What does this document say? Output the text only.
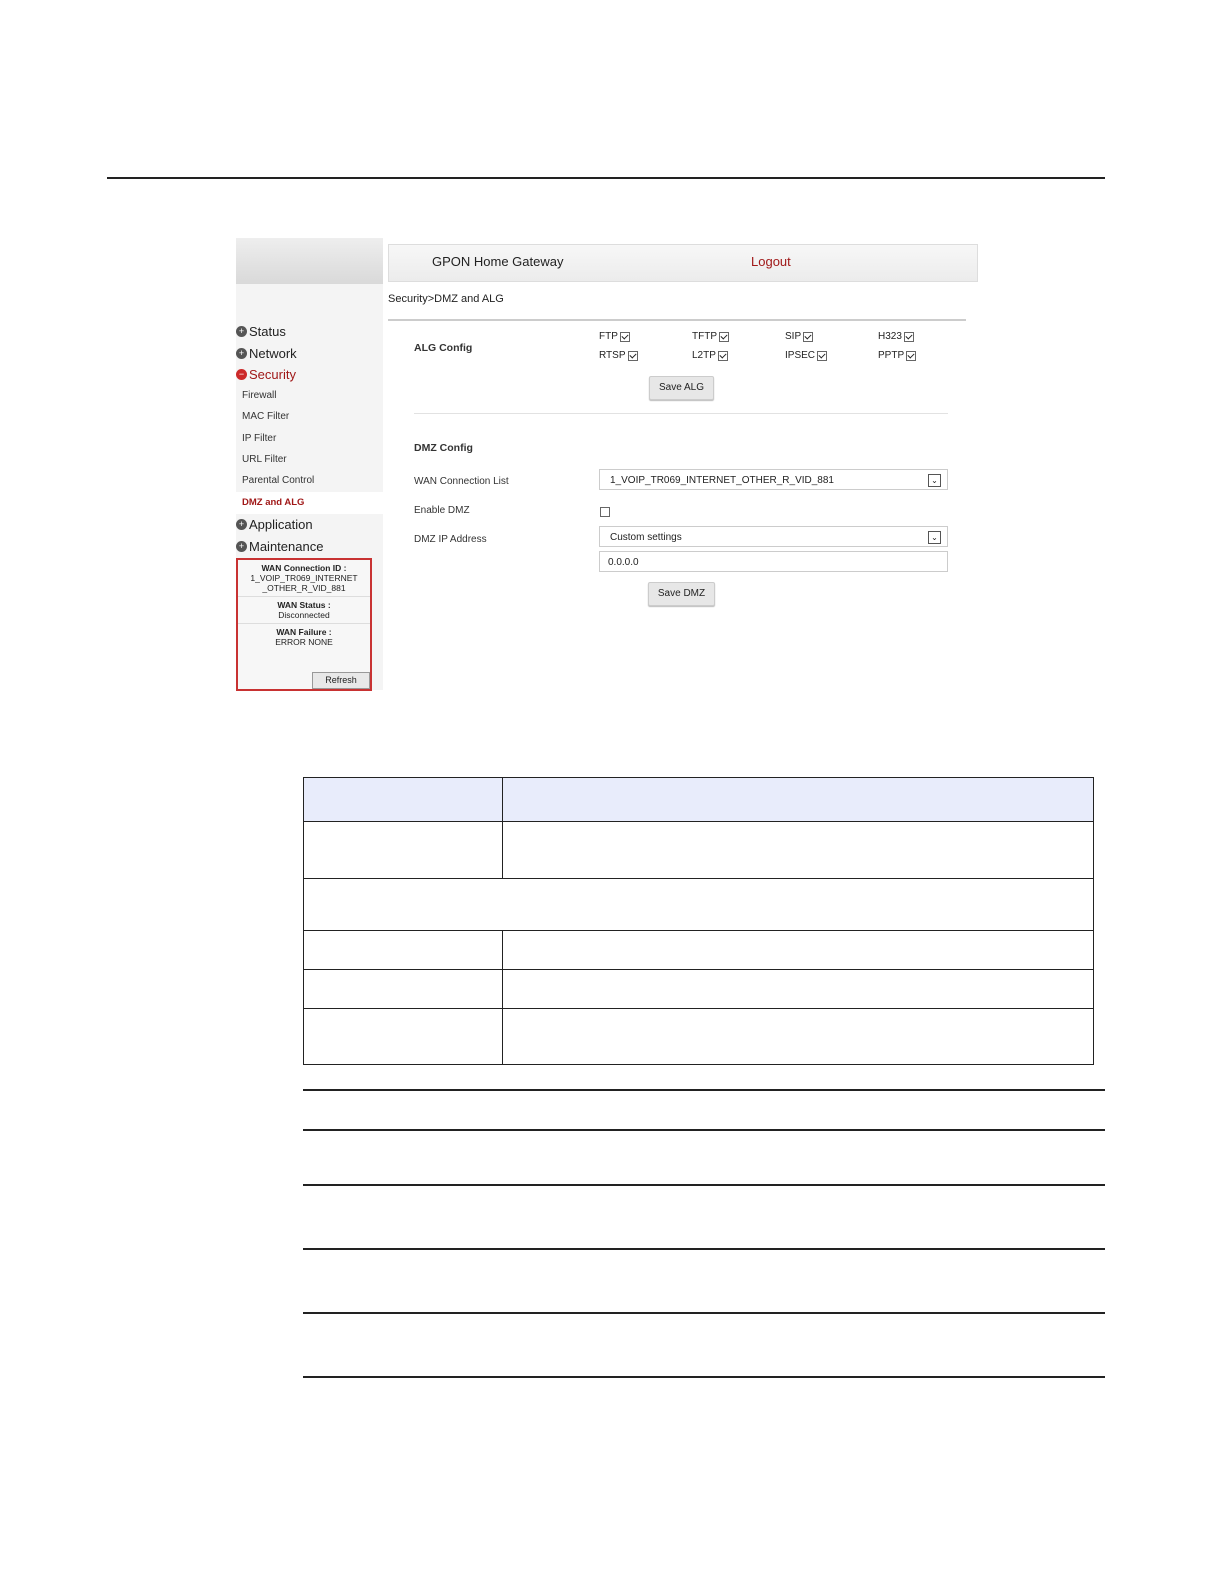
+ Status
+ Network
− Security
Firewall
MAC Filter
IP Filter
URL Filter
Parental Control
DMZ and ALG
+ Application
+ Maintenance
WAN Connection ID :
1_VOIP_TR069_INTERNET
_OTHER_R_VID_881
WAN Status :
Disconnected
WAN Failure :
ERROR NONE
Refresh
GPON Home Gateway	Logout
Security>DMZ and ALG
ALG Config
FTP	TFTP	SIP	H323
RTSP	L2TP	IPSEC	PPTP
Save ALG
DMZ Config
WAN Connection List	1_VOIP_TR069_INTERNET_OTHER_R_VID_881	⌄
Enable DMZ
DMZ IP Address	Custom settings	⌄
0.0.0.0
Save DMZ
